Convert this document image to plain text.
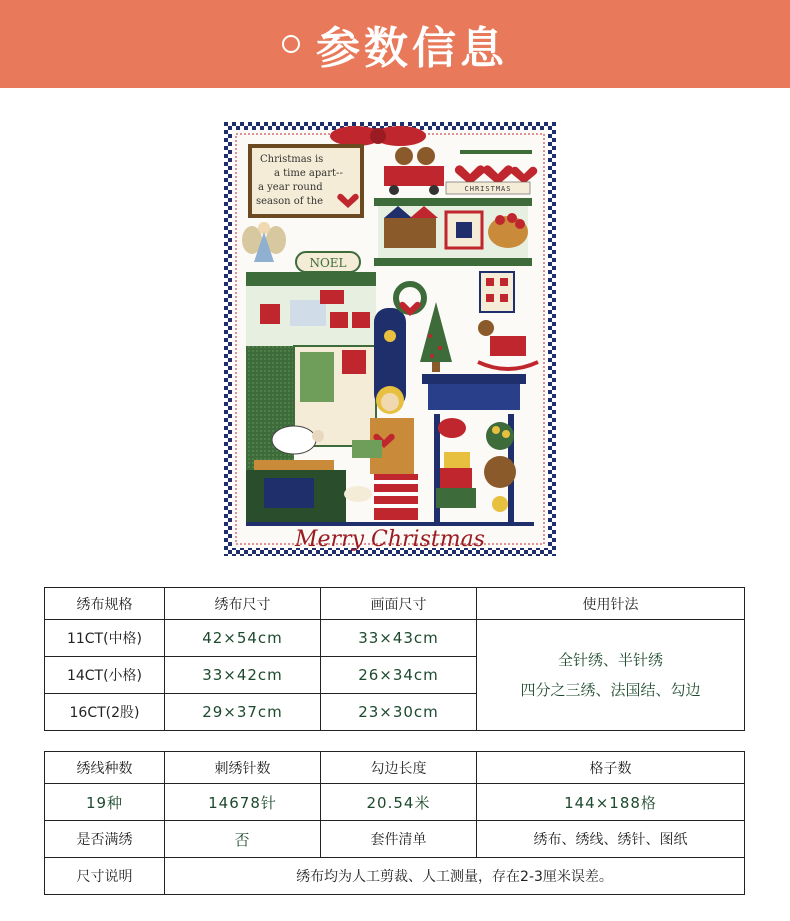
参数信息
Christmas is
a time apart--
a year round
season of the
CHRISTMAS
NOEL
Merry Christmas
绣布规格	绣布尺寸	画面尺寸	使用针法
11CT(中格)	42×54cm	33×43cm	全针绣、半针绣
四分之三绣、法国结、勾边

14CT(小格)	33×42cm	26×34cm	
16CT(2股)	29×37cm	23×30cm	
绣线种数	刺绣针数	勾边长度	格子数
19种	14678针	20.54米	144×188格
是否满绣	否	套件清单	绣布、绣线、绣针、图纸
尺寸说明	绣布均为人工剪裁、人工测量，存在2-3厘米误差。		
